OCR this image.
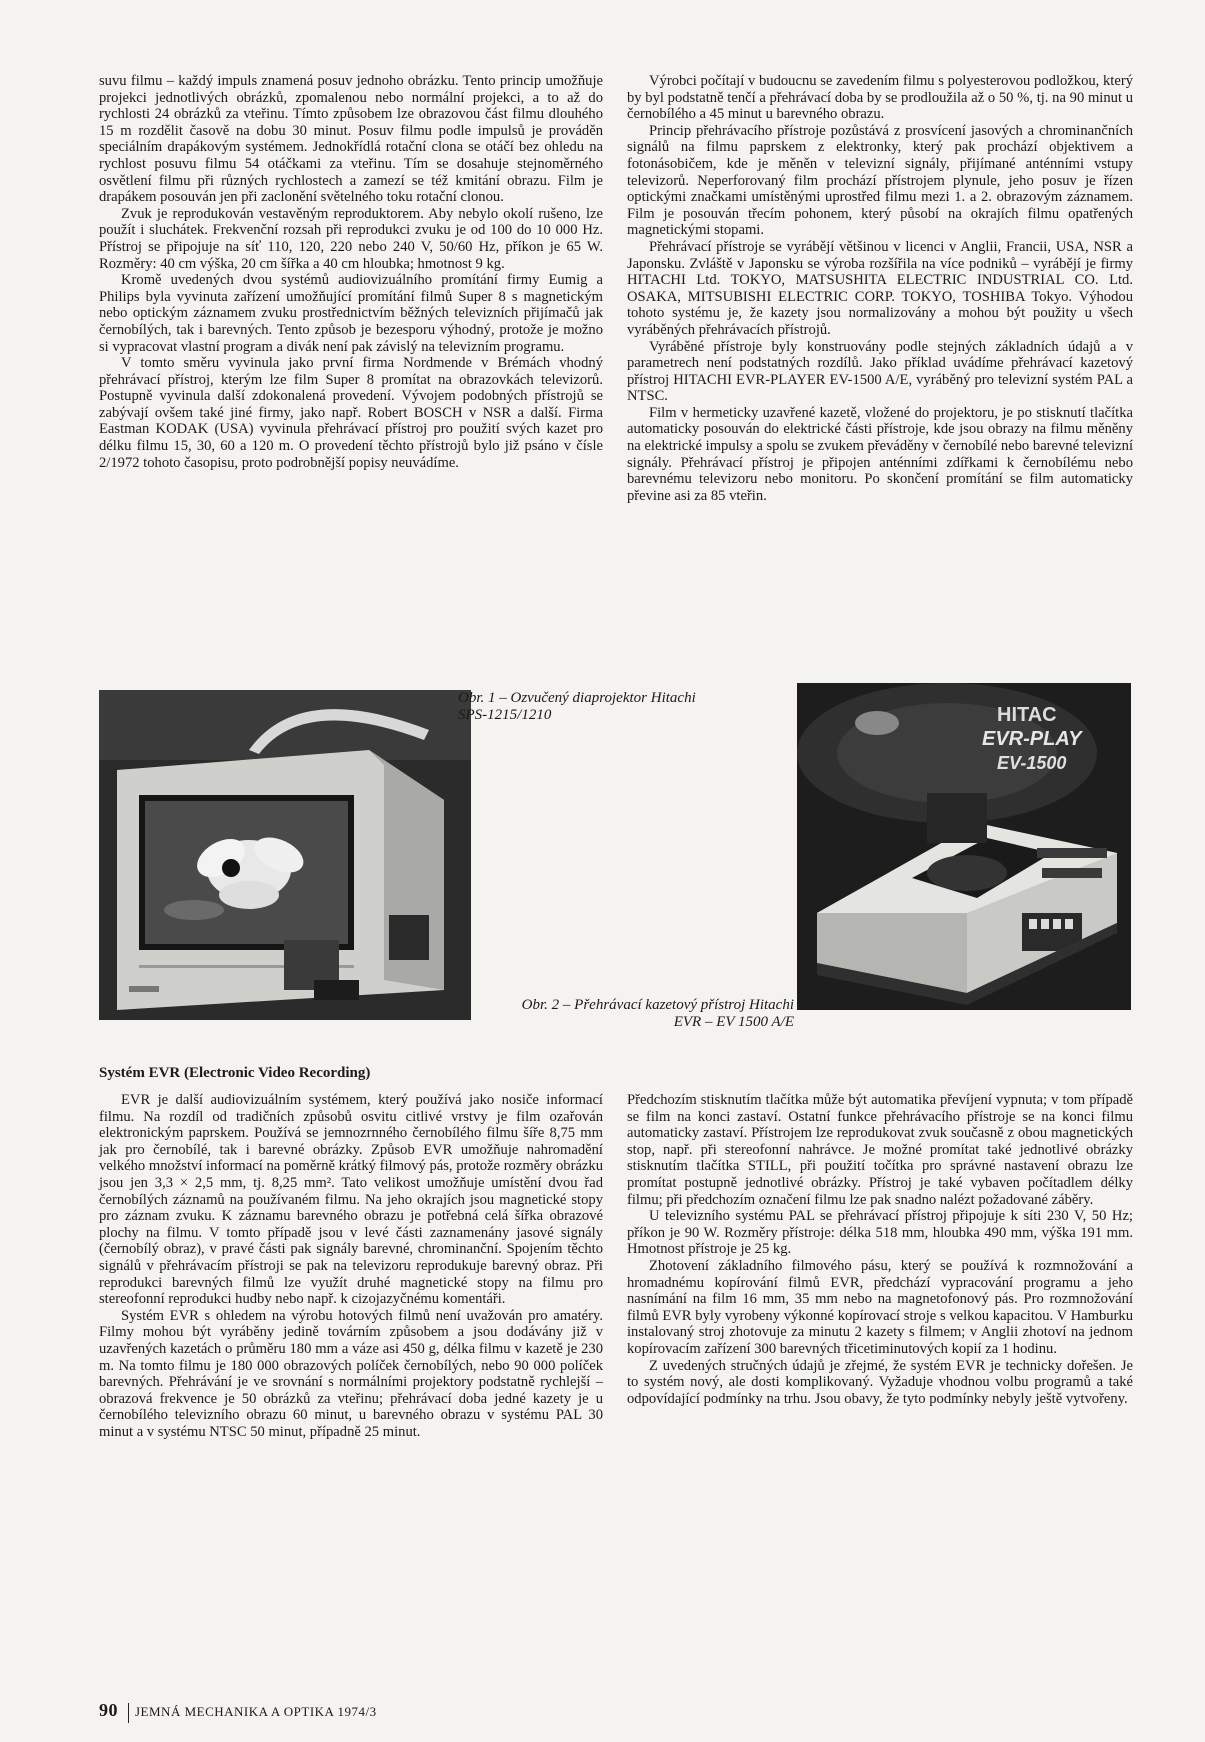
suvu filmu – každý impuls znamená posuv jednoho obrázku. Tento princip umožňuje projekci jednotlivých obrázků, zpomalenou nebo normální projekci, a to až do rychlosti 24 obrázků za vteřinu. Tímto způsobem lze obrazovou část filmu dlouhého 15 m rozdělit časově na dobu 30 minut. Posuv filmu podle impulsů je prováděn speciálním drapákovým systémem. Jednokřídlá rotační clona se otáčí bez ohledu na rychlost posuvu filmu 54 otáčkami za vteřinu. Tím se dosahuje stejnoměrného osvětlení filmu při různých rychlostech a zamezí se též kmitání obrazu. Film je drapákem posouván jen při zaclonění světelného toku rotační clonou.

Zvuk je reprodukován vestavěným reproduktorem. Aby nebylo okolí rušeno, lze použít i sluchátek. Frekvenční rozsah při reprodukci zvuku je od 100 do 10 000 Hz. Přístroj se připojuje na síť 110, 120, 220 nebo 240 V, 50/60 Hz, příkon je 65 W. Rozměry: 40 cm výška, 20 cm šířka a 40 cm hloubka; hmotnost 9 kg.

Kromě uvedených dvou systémů audiovizuálního promítání firmy Eumig a Philips byla vyvinuta zařízení umožňující promítání filmů Super 8 s magnetickým nebo optickým záznamem zvuku prostřednictvím běžných televizních přijímačů jak černobílých, tak i barevných. Tento způsob je bezesporu výhodný, protože je možno si vypracovat vlastní program a divák není pak závislý na televizním programu.

V tomto směru vyvinula jako první firma Nordmende v Brémách vhodný přehrávací přístroj, kterým lze film Super 8 promítat na obrazovkách televizorů. Postupně vyvinula další zdokonalená provedení. Vývojem podobných přístrojů se zabývají ovšem také jiné firmy, jako např. Robert BOSCH v NSR a další. Firma Eastman KODAK (USA) vyvinula přehrávací přístroj pro použití svých kazet pro délku filmu 15, 30, 60 a 120 m. O provedení těchto přístrojů bylo již psáno v čísle 2/1972 tohoto časopisu, proto podrobnější popisy neuvádíme.

Výrobci počítají v budoucnu se zavedením filmu s polyesterovou podložkou, který by byl podstatně tenčí a přehrávací doba by se prodloužila až o 50 %, tj. na 90 minut u černobílého a 45 minut u barevného obrazu.

Princip přehrávacího přístroje pozůstává z prosvícení jasových a chrominančních signálů na filmu paprskem z elektronky, který pak prochází objektivem a fotonásobičem, kde je měněn v televizní signály, přijímané anténními vstupy televizorů. Neperforovaný film prochází přístrojem plynule, jeho posuv je řízen optickými značkami umístěnými uprostřed filmu mezi 1. a 2. obrazovým záznamem. Film je posouván třecím pohonem, který působí na okrajích filmu opatřených magnetickými stopami.

Přehrávací přístroje se vyrábějí většinou v licenci v Anglii, Francii, USA, NSR a Japonsku. Zvláště v Japonsku se výroba rozšířila na více podniků – vyrábějí je firmy HITACHI Ltd. TOKYO, MATSUSHITA ELECTRIC INDUSTRIAL CO. Ltd. OSAKA, MITSUBISHI ELECTRIC CORP. TOKYO, TOSHIBA Tokyo. Výhodou tohoto systému je, že kazety jsou normalizovány a mohou být použity u všech vyráběných přehrávacích přístrojů.

Vyráběné přístroje byly konstruovány podle stejných základních údajů a v parametrech není podstatných rozdílů. Jako příklad uvádíme přehrávací kazetový přístroj HITACHI EVR-PLAYER EV-1500 A/E, vyráběný pro televizní systém PAL a NTSC.

Film v hermeticky uzavřené kazetě, vložené do projektoru, je po stisknutí tlačítka automaticky posouván do elektrické části přístroje, kde jsou obrazy na filmu měněny na elektrické impulsy a spolu se zvukem převáděny v černobílé nebo barevné televizní signály. Přehrávací přístroj je připojen anténními zdířkami k černobílému nebo barevnému televizoru nebo monitoru. Po skončení promítání se film automaticky převine asi za 85 vteřin.

Obr. 1 – Ozvučený diaprojektor Hitachi SPS-1215/1210	HITAC
EVR-PLAY
EV-1500
Obr. 2 – Přehrávací kazetový přístroj Hitachi EVR – EV 1500 A/E
Systém EVR (Electronic Video Recording)

EVR je další audiovizuálním systémem, který používá jako nosiče informací filmu. Na rozdíl od tradičních způsobů osvitu citlivé vrstvy je film ozařován elektronickým paprskem. Používá se jemnozrnného černobílého filmu šíře 8,75 mm jak pro černobílé, tak i barevné obrázky. Způsob EVR umožňuje nahromadění velkého množství informací na poměrně krátký filmový pás, protože rozměry obrázku jsou jen 3,3 × 2,5 mm, tj. 8,25 mm². Tato velikost umožňuje umístění dvou řad černobílých záznamů na používaném filmu. Na jeho okrajích jsou magnetické stopy pro záznam zvuku. K záznamu barevného obrazu je potřebná celá šířka obrazové plochy na filmu. V tomto případě jsou v levé části zaznamenány jasové signály (černobílý obraz), v pravé části pak signály barevné, chrominanční. Spojením těchto signálů v přehrávacím přístroji se pak na televizoru reprodukuje barevný obraz. Při reprodukci barevných filmů lze využít druhé magnetické stopy na filmu pro stereofonní reprodukci hudby nebo např. k cizojazyčnému komentáři.

Systém EVR s ohledem na výrobu hotových filmů není uvažován pro amatéry. Filmy mohou být vyráběny jedině továrním způsobem a jsou dodávány již v uzavřených kazetách o průměru 180 mm a váze asi 450 g, délka filmu v kazetě je 230 m. Na tomto filmu je 180 000 obrazových políček černobílých, nebo 90 000 políček barevných. Přehrávání je ve srovnání s normálními projektory podstatně rychlejší – obrazová frekvence je 50 obrázků za vteřinu; přehrávací doba jedné kazety je u černobílého televizního obrazu 60 minut, u barevného obrazu v systému PAL 30 minut a v systému NTSC 50 minut, případně 25 minut.

Předchozím stisknutím tlačítka může být automatika převíjení vypnuta; v tom případě se film na konci zastaví. Ostatní funkce přehrávacího přístroje se na konci filmu automaticky zastaví. Přístrojem lze reprodukovat zvuk současně z obou magnetických stop, např. při stereofonní nahrávce. Je možné promítat také jednotlivé obrázky stisknutím tlačítka STILL, při použití točítka pro správné nastavení obrazu lze promítat postupně jednotlivé obrázky. Přístroj je také vybaven počítadlem délky filmu; při předchozím označení filmu lze pak snadno nalézt požadované záběry.

U televizního systému PAL se přehrávací přístroj připojuje k síti 230 V, 50 Hz; příkon je 90 W. Rozměry přístroje: délka 518 mm, hloubka 490 mm, výška 191 mm. Hmotnost přístroje je 25 kg.

Zhotovení základního filmového pásu, který se používá k rozmnožování a hromadnému kopírování filmů EVR, předchází vypracování programu a jeho nasnímání na film 16 mm, 35 mm nebo na magnetofonový pás. Pro rozmnožování filmů EVR byly vyrobeny výkonné kopírovací stroje s velkou kapacitou. V Hamburku instalovaný stroj zhotovuje za minutu 2 kazety s filmem; v Anglii zhotoví na jednom kopírovacím zařízení 300 barevných třicetiminutových kopií za 1 hodinu.

Z uvedených stručných údajů je zřejmé, že systém EVR je technicky dořešen. Je to systém nový, ale dosti komplikovaný. Vyžaduje vhodnou volbu programů a také odpovídající podmínky na trhu. Jsou obavy, že tyto podmínky nebyly ještě vytvořeny.

90 JEMNÁ MECHANIKA A OPTIKA 1974/3
